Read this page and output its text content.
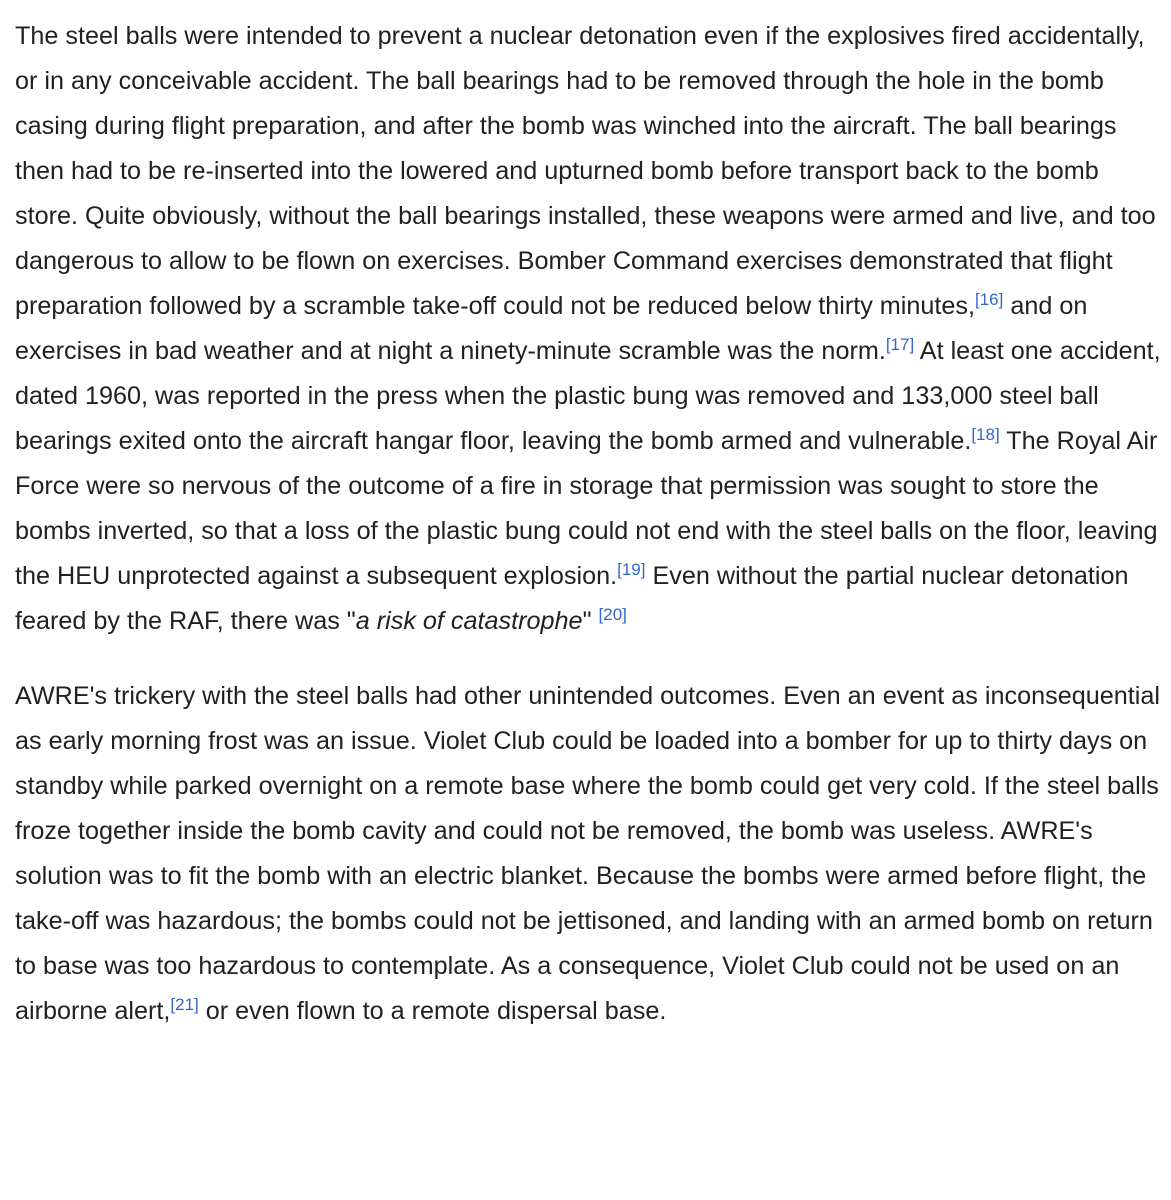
The steel balls were intended to prevent a nuclear detonation even if the explosives fired accidentally, or in any conceivable accident. The ball bearings had to be removed through the hole in the bomb casing during flight preparation, and after the bomb was winched into the aircraft. The ball bearings then had to be re-inserted into the lowered and upturned bomb before transport back to the bomb store. Quite obviously, without the ball bearings installed, these weapons were armed and live, and too dangerous to allow to be flown on exercises. Bomber Command exercises demonstrated that flight preparation followed by a scramble take-off could not be reduced below thirty minutes,[16] and on exercises in bad weather and at night a ninety-minute scramble was the norm.[17] At least one accident, dated 1960, was reported in the press when the plastic bung was removed and 133,000 steel ball bearings exited onto the aircraft hangar floor, leaving the bomb armed and vulnerable.[18] The Royal Air Force were so nervous of the outcome of a fire in storage that permission was sought to store the bombs inverted, so that a loss of the plastic bung could not end with the steel balls on the floor, leaving the HEU unprotected against a subsequent explosion.[19] Even without the partial nuclear detonation feared by the RAF, there was "a risk of catastrophe" [20]

AWRE's trickery with the steel balls had other unintended outcomes. Even an event as inconsequential as early morning frost was an issue. Violet Club could be loaded into a bomber for up to thirty days on standby while parked overnight on a remote base where the bomb could get very cold. If the steel balls froze together inside the bomb cavity and could not be removed, the bomb was useless. AWRE's solution was to fit the bomb with an electric blanket. Because the bombs were armed before flight, the take-off was hazardous; the bombs could not be jettisoned, and landing with an armed bomb on return to base was too hazardous to contemplate. As a consequence, Violet Club could not be used on an airborne alert,[21] or even flown to a remote dispersal base.
